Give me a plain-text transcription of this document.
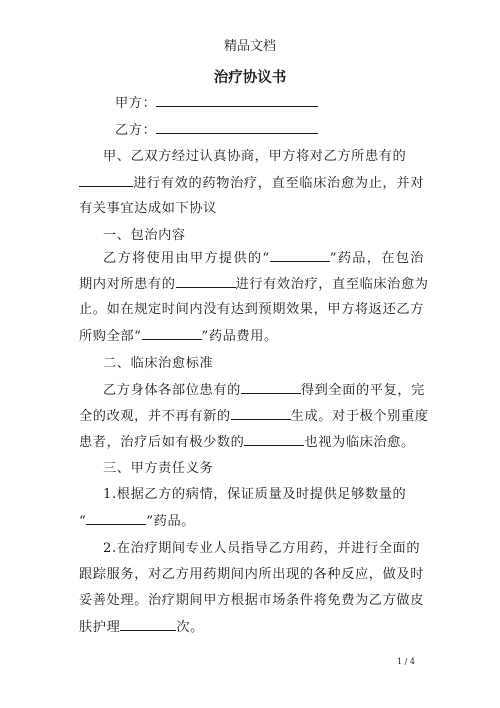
精品文档
治疗协议书
甲方：
乙方：
甲、乙双方经过认真协商，甲方将对乙方所患有的
进行有效的药物治疗，直至临床治愈为止，并对
有关事宜达成如下协议
一、包治内容
乙方将使用由甲方提供的“	”药品，在包治
期内对所患有的	进行有效治疗，直至临床治愈为
止。如在规定时间内没有达到预期效果，甲方将返还乙方
所购全部“	”药品费用。
二、临床治愈标准
乙方身体各部位患有的	得到全面的平复，完
全的改观，并不再有新的	生成。对于极个别重度
患者，治疗后如有极少数的	也视为临床治愈。
三、甲方责任义务
1.根据乙方的病情，保证质量及时提供足够数量的
“	”药品。
2.在治疗期间专业人员指导乙方用药，并进行全面的
跟踪服务，对乙方用药期间内所出现的各种反应，做及时
妥善处理。治疗期间甲方根据市场条件将免费为乙方做皮
肤护理	次。
1 / 4
